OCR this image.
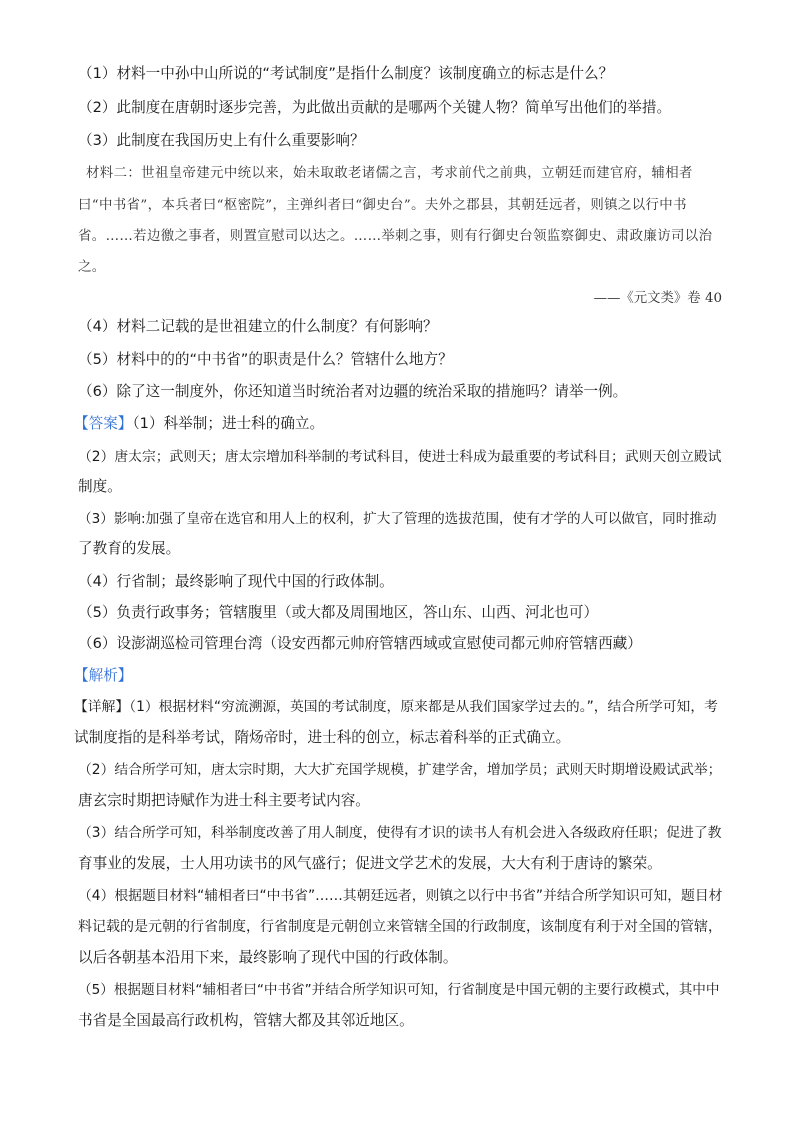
（1）材料一中孙中山所说的“考试制度”是指什么制度？该制度确立的标志是什么？
（2）此制度在唐朝时逐步完善，为此做出贡献的是哪两个关键人物？简单写出他们的举措。
（3）此制度在我国历史上有什么重要影响？
材料二：世祖皇帝建元中统以来，始未取敢老诸儒之言，考求前代之前典，立朝廷而建官府，辅相者
曰“中书省”，本兵者曰“枢密院”，主弹纠者曰“御史台”。夫外之郡县，其朝廷远者，则镇之以行中书
省。……若边徼之事者，则置宣慰司以达之。……举刺之事，则有行御史台领监察御史、肃政廉访司以治
之。
——《元文类》卷 40
（4）材料二记载的是世祖建立的什么制度？有何影响？
（5）材料中的的“中书省”的职责是什么？管辖什么地方？
（6）除了这一制度外，你还知道当时统治者对边疆的统治采取的措施吗？请举一例。
【答案】（1）科举制；进士科的确立。
（2）唐太宗；武则天；唐太宗增加科举制的考试科目，使进士科成为最重要的考试科目；武则天创立殿试
制度。
（3）影响:加强了皇帝在选官和用人上的权利，扩大了管理的选拔范围，使有才学的人可以做官，同时推动
了教育的发展。
（4）行省制；最终影响了现代中国的行政体制。
（5）负责行政事务；管辖腹里（或大都及周围地区，答山东、山西、河北也可）
（6）设澎湖巡检司管理台湾（设安西都元帅府管辖西域或宣慰使司都元帅府管辖西藏）
【解析】
【详解】（1）根据材料“穷流溯源，英国的考试制度，原来都是从我们国家学过去的。”，结合所学可知，考
试制度指的是科举考试，隋炀帝时，进士科的创立，标志着科举的正式确立。
（2）结合所学可知，唐太宗时期，大大扩充国学规模，扩建学舍，增加学员；武则天时期增设殿试武举；
唐玄宗时期把诗赋作为进士科主要考试内容。
（3）结合所学可知，科举制度改善了用人制度，使得有才识的读书人有机会进入各级政府任职；促进了教
育事业的发展，士人用功读书的风气盛行；促进文学艺术的发展，大大有利于唐诗的繁荣。
（4）根据题目材料“辅相者曰“中书省”……其朝廷远者，则镇之以行中书省”并结合所学知识可知，题目材
料记载的是元朝的行省制度，行省制度是元朝创立来管辖全国的行政制度，该制度有利于对全国的管辖，
以后各朝基本沿用下来，最终影响了现代中国的行政体制。
（5）根据题目材料“辅相者曰“中书省”并结合所学知识可知，行省制度是中国元朝的主要行政模式，其中中
书省是全国最高行政机构，管辖大都及其邻近地区。
